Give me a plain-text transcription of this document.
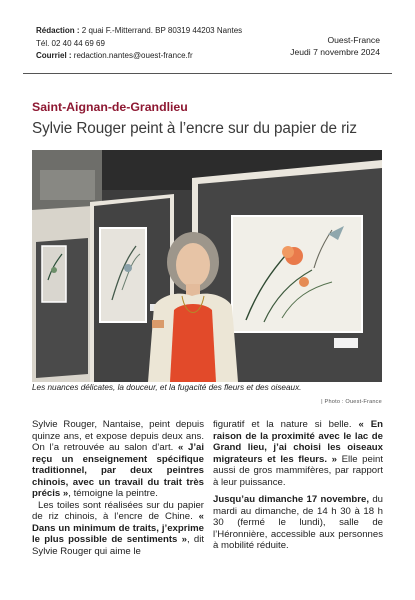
Rédaction : 2 quai F.-Mitterrand. BP 80319 44203 Nantes
Tél. 02 40 44 69 69
Courriel : redaction.nantes@ouest-france.fr
Ouest-France
Jeudi 7 novembre 2024
Saint-Aignan-de-Grandlieu
Sylvie Rouger peint à l’encre sur du papier de riz
Les nuances délicates, la douceur, et la fugacité des fleurs et des oiseaux.
| Photo : Ouest-France

Sylvie Rouger, Nantaise, peint depuis quinze ans, et expose depuis deux ans. On l’a retrouvée au salon d’art. « J’ai reçu un enseignement spécifique traditionnel, par deux peintres chinois, avec un travail du trait très précis », témoigne la peintre.

Les toiles sont réalisées sur du papier de riz chinois, à l’encre de Chine. « Dans un minimum de traits, j’exprime le plus possible de sentiments », dit Sylvie Rouger qui aime le

figuratif et la nature si belle. « En raison de la proximité avec le lac de Grand lieu, j’ai choisi les oiseaux migrateurs et les fleurs. » Elle peint aussi de gros mammifères, par rapport à leur puissance.

Jusqu’au dimanche 17 novembre, du mardi au dimanche, de 14 h 30 à 18 h 30 (fermé le lundi), salle de l’Héronnière, accessible aux personnes à mobilité réduite.
